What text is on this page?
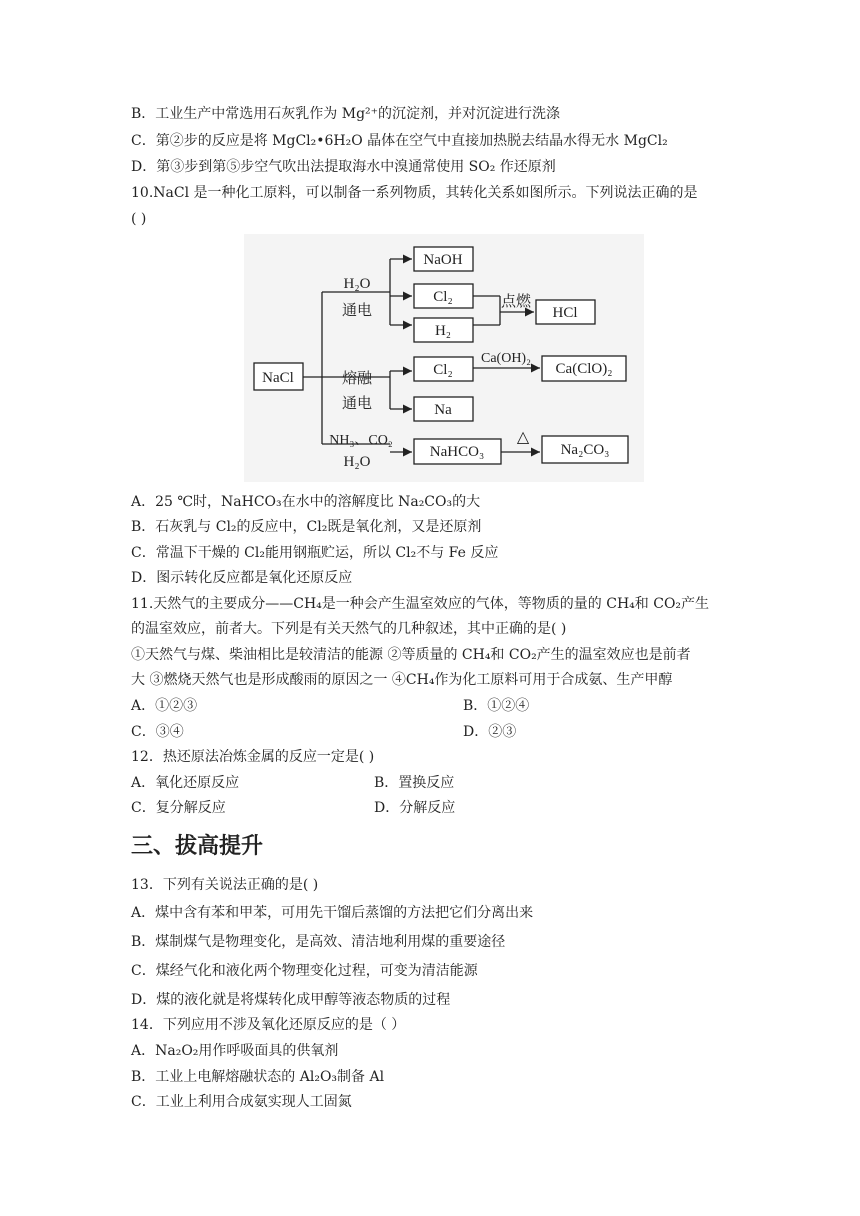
B．工业生产中常选用石灰乳作为 Mg²⁺的沉淀剂，并对沉淀进行洗涤
C．第②步的反应是将 MgCl₂•6H₂O 晶体在空气中直接加热脱去结晶水得无水 MgCl₂
D．第③步到第⑤步空气吹出法提取海水中溴通常使用 SO₂ 作还原剂
10.NaCl 是一种化工原料，可以制备一系列物质，其转化关系如图所示。下列说法正确的是
( )
NaCl
NaOH
Cl₂
H₂
HCl
Cl₂	Ca(ClO)₂
Na
NaHCO₃	Na₂CO₃
H₂O
通电	点燃
熔融
通电
Ca(OH)₂
NH₃、CO₂
H₂O
△
A．25 ℃时，NaHCO₃在水中的溶解度比 Na₂CO₃的大
B．石灰乳与 Cl₂的反应中，Cl₂既是氧化剂，又是还原剂
C．常温下干燥的 Cl₂能用钢瓶贮运，所以 Cl₂不与 Fe 反应
D．图示转化反应都是氧化还原反应
11.天然气的主要成分——CH₄是一种会产生温室效应的气体，等物质的量的 CH₄和 CO₂产生
的温室效应，前者大。下列是有关天然气的几种叙述，其中正确的是( )
①天然气与煤、柴油相比是较清洁的能源 ②等质量的 CH₄和 CO₂产生的温室效应也是前者
大 ③燃烧天然气也是形成酸雨的原因之一 ④CH₄作为化工原料可用于合成氨、生产甲醇
A．①②③	B．①②④
C．③④	D．②③
12．热还原法冶炼金属的反应一定是( )
A．氧化还原反应	B．置换反应
C．复分解反应	D．分解反应
三、拔高提升
13．下列有关说法正确的是( )
A．煤中含有苯和甲苯，可用先干馏后蒸馏的方法把它们分离出来
B．煤制煤气是物理变化，是高效、清洁地利用煤的重要途径
C．煤经气化和液化两个物理变化过程，可变为清洁能源
D．煤的液化就是将煤转化成甲醇等液态物质的过程
14．下列应用不涉及氧化还原反应的是（ ）
A．Na₂O₂用作呼吸面具的供氧剂
B．工业上电解熔融状态的 Al₂O₃制备 Al
C．工业上利用合成氨实现人工固氮
